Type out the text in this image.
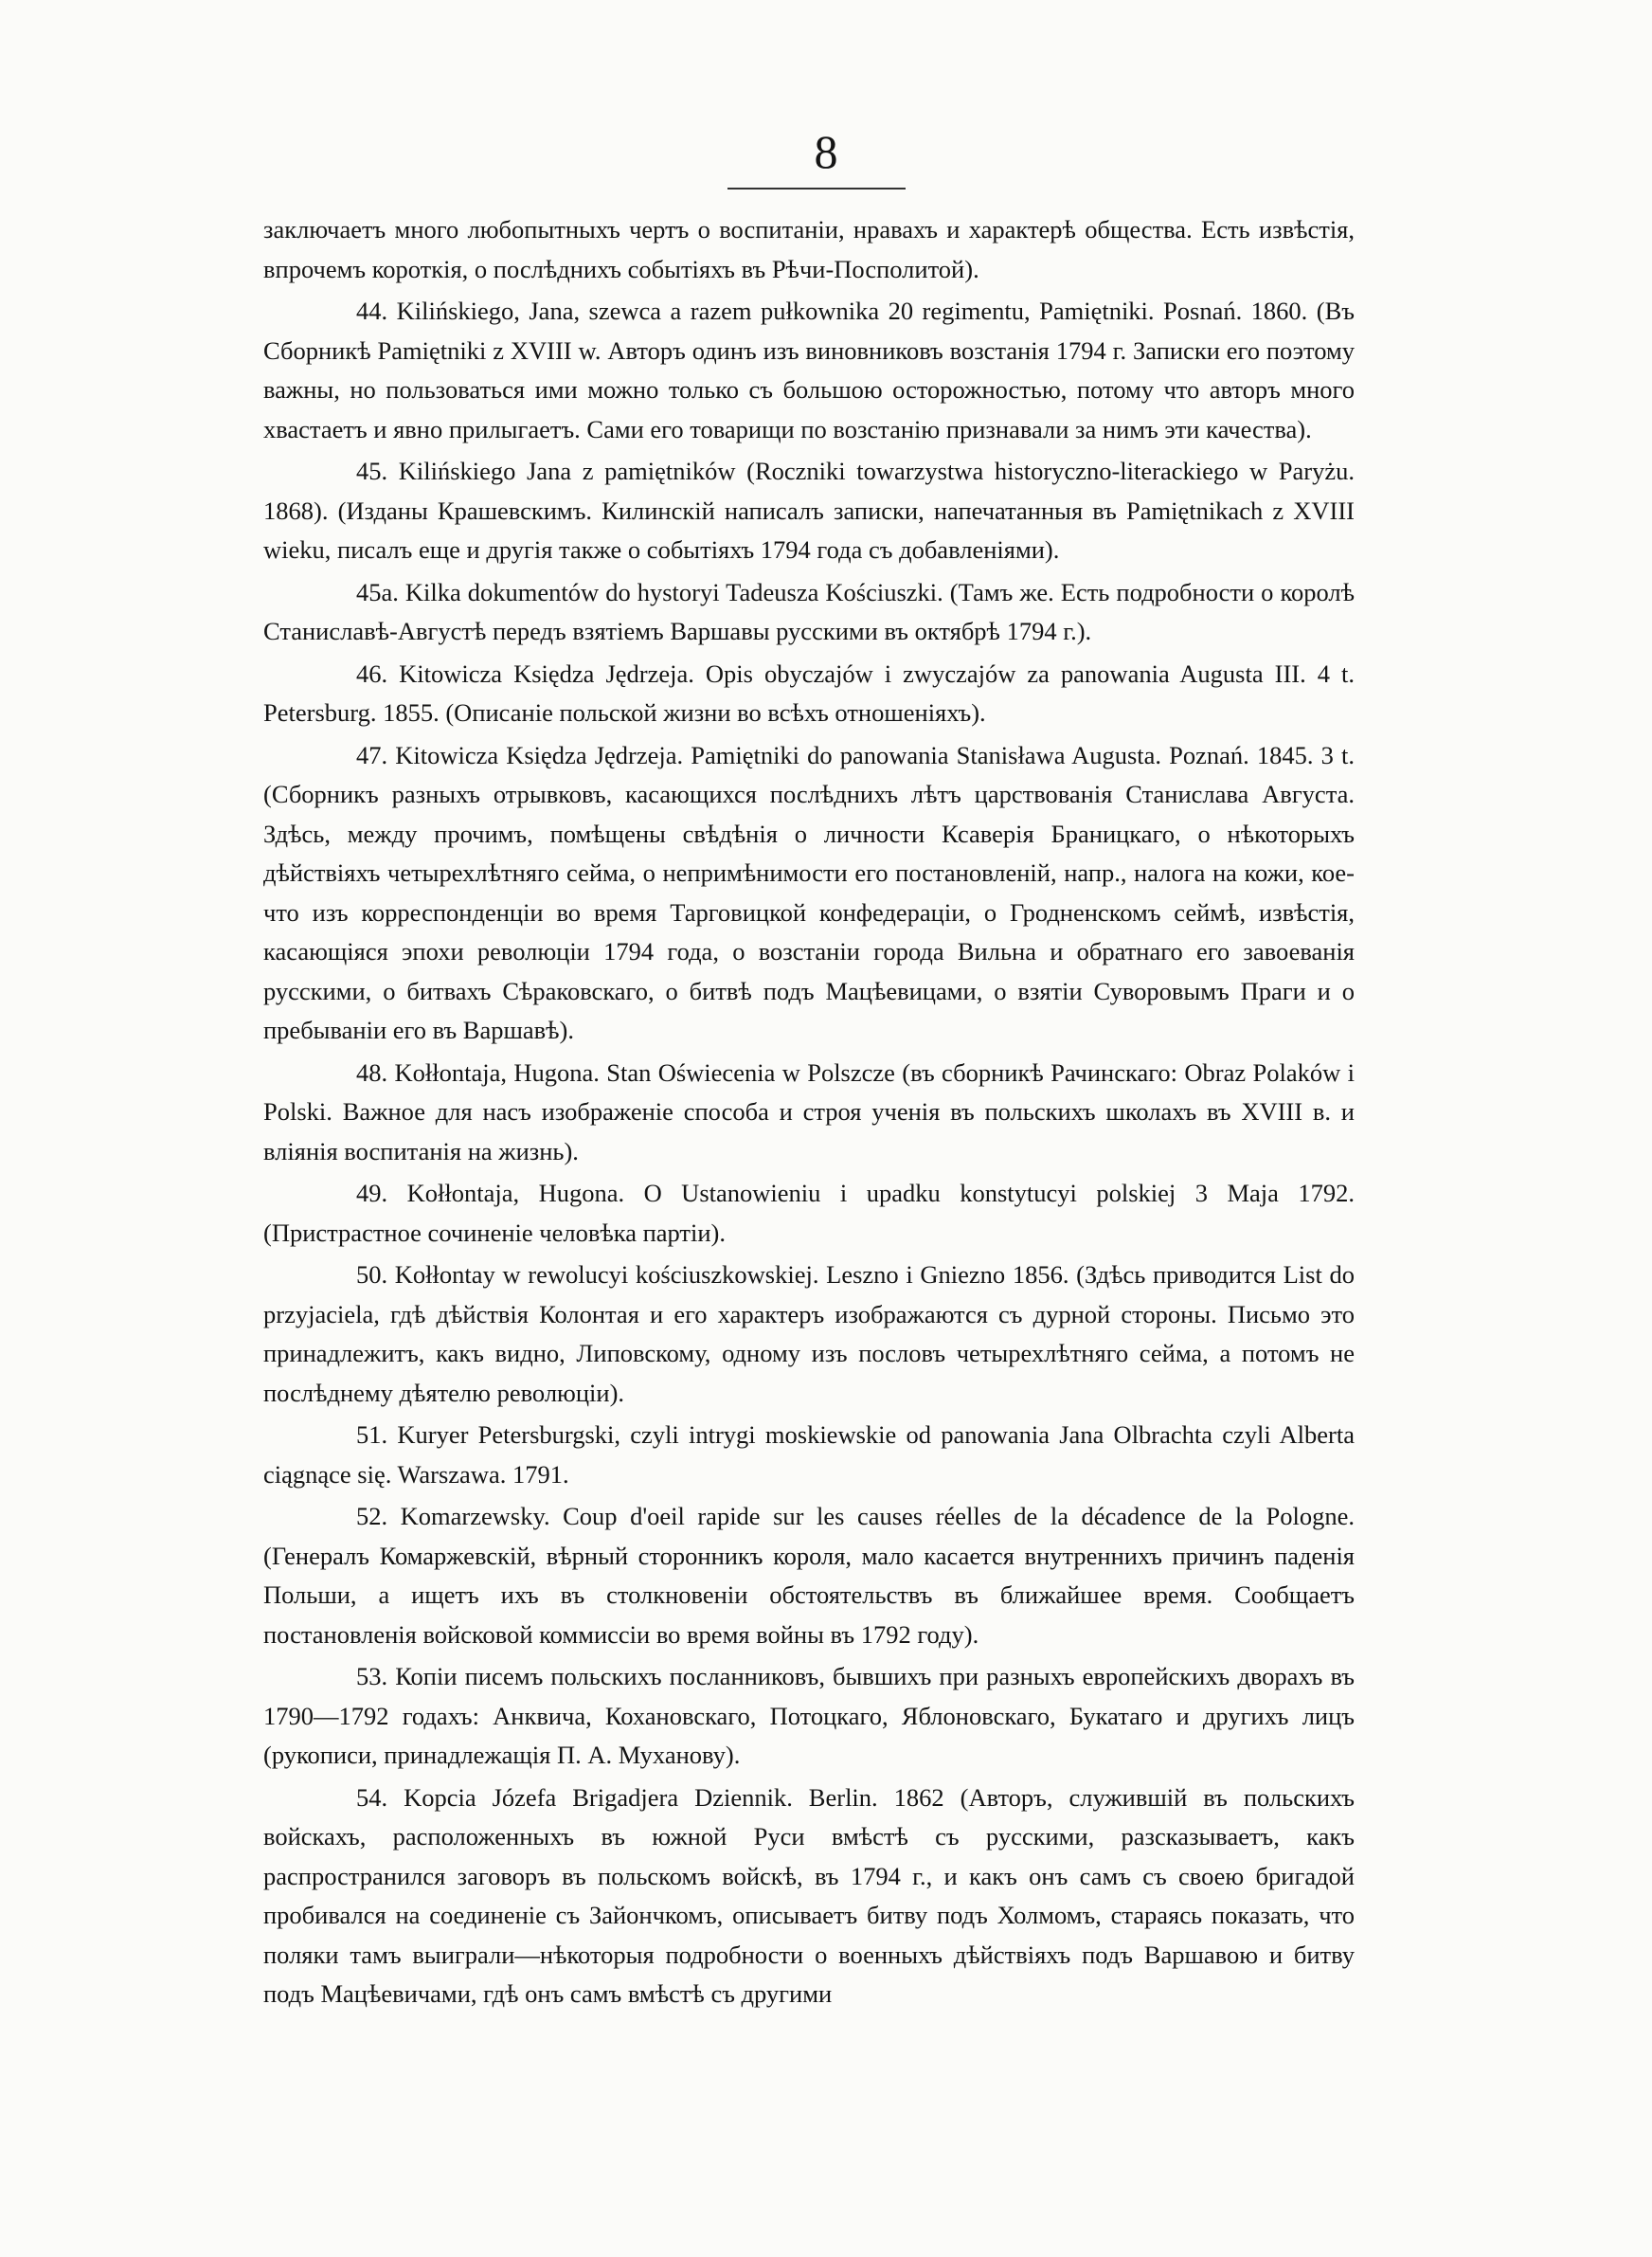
8

заключаетъ много любопытныхъ чертъ о воспитаніи, нравахъ и характерѣ общества. Есть извѣстія, впрочемъ короткія, о послѣднихъ событіяхъ въ Рѣчи-Посполитой).

44. Kilińskiego, Jana, szewca a razem pułkownika 20 regimentu, Pamiętniki. Posnań. 1860. (Въ Сборникѣ Pamiętniki z XVIII w. Авторъ одинъ изъ виновниковъ возстанія 1794 г. Записки его поэтому важны, но пользоваться ими можно только съ большою осторожностью, потому что авторъ много хвастаетъ и явно прилыгаетъ. Сами его товарищи по возстанію признавали за нимъ эти качества).

45. Kilińskiego Jana z pamiętników (Roczniki towarzystwa historyczno-literackiego w Paryżu. 1868). (Изданы Крашевскимъ. Килинскій написалъ записки, напечатанныя въ Pamiętnikach z XVIII wieku, писалъ еще и другія также о событіяхъ 1794 года съ добавленіями).

45a. Kilka dokumentów do hystoryi Tadeusza Kościuszki. (Тамъ же. Есть подробности о королѣ Станиславѣ-Августѣ передъ взятіемъ Варшавы русскими въ октябрѣ 1794 г.).

46. Kitowicza Księdza Jędrzeja. Opis obyczajów i zwyczajów za panowania Augusta III. 4 t. Petersburg. 1855. (Описаніе польской жизни во всѣхъ отношеніяхъ).

47. Kitowicza Księdza Jędrzeja. Pamiętniki do panowania Stanisława Augusta. Poznań. 1845. 3 t. (Сборникъ разныхъ отрывковъ, касающихся послѣднихъ лѣтъ царствованія Станислава Августа. Здѣсь, между прочимъ, помѣщены свѣдѣнія о личности Ксаверія Браницкаго, о нѣкоторыхъ дѣйствіяхъ четырехлѣтняго сейма, о непримѣнимости его постановленій, напр., налога на кожи, кое-что изъ корреспонденціи во время Тарговицкой конфедераціи, о Гродненскомъ сеймѣ, извѣстія, касающіяся эпохи революціи 1794 года, о возстаніи города Вильна и обратнаго его завоеванія русскими, о битвахъ Сѣраковскаго, о битвѣ подъ Мацѣевицами, о взятіи Суворовымъ Праги и о пребываніи его въ Варшавѣ).

48. Kołłontaja, Hugona. Stan Oświecenia w Polszcze (въ сборникѣ Рачинскаго: Obraz Polaków i Polski. Важное для насъ изображеніе способа и строя ученія въ польскихъ школахъ въ XVIII в. и вліянія воспитанія на жизнь).

49. Kołłontaja, Hugona. O Ustanowieniu i upadku konstytucyi polskiej 3 Maja 1792. (Пристрастное сочиненіе человѣка партіи).

50. Kołłontay w rewolucyi kościuszkowskiej. Leszno i Gniezno 1856. (Здѣсь приводится List do przyjaciela, гдѣ дѣйствія Колонтая и его характеръ изображаются съ дурной стороны. Письмо это принадлежитъ, какъ видно, Липовскому, одному изъ пословъ четырехлѣтняго сейма, а потомъ не послѣднему дѣятелю революціи).

51. Kuryer Petersburgski, czyli intrygi moskiewskie od panowania Jana Olbrachta czyli Alberta ciągnące się. Warszawa. 1791.

52. Komarzewsky. Coup d'oeil rapide sur les causes réelles de la décadence de la Pologne. (Генералъ Комаржевскій, вѣрный сторонникъ короля, мало касается внутреннихъ причинъ паденія Польши, а ищетъ ихъ въ столкновеніи обстоятельствъ въ ближайшее время. Сообщаетъ постановленія войсковой коммиссіи во время войны въ 1792 году).

53. Копіи писемъ польскихъ посланниковъ, бывшихъ при разныхъ европейскихъ дворахъ въ 1790—1792 годахъ: Анквича, Кохановскаго, Потоцкаго, Яблоновскаго, Букатаго и другихъ лицъ (рукописи, принадлежащія П. А. Муханову).

54. Kopcia Józefa Brigadjera Dziennik. Berlin. 1862 (Авторъ, служившій въ польскихъ войскахъ, расположенныхъ въ южной Руси вмѣстѣ съ русскими, разсказываетъ, какъ распространился заговоръ въ польскомъ войскѣ, въ 1794 г., и какъ онъ самъ съ своею бригадой пробивался на соединеніе съ Зайончкомъ, описываетъ битву подъ Холмомъ, стараясь показать, что поляки тамъ выиграли—нѣкоторыя подробности о военныхъ дѣйствіяхъ подъ Варшавою и битву подъ Мацѣевичами, гдѣ онъ самъ вмѣстѣ съ другими
